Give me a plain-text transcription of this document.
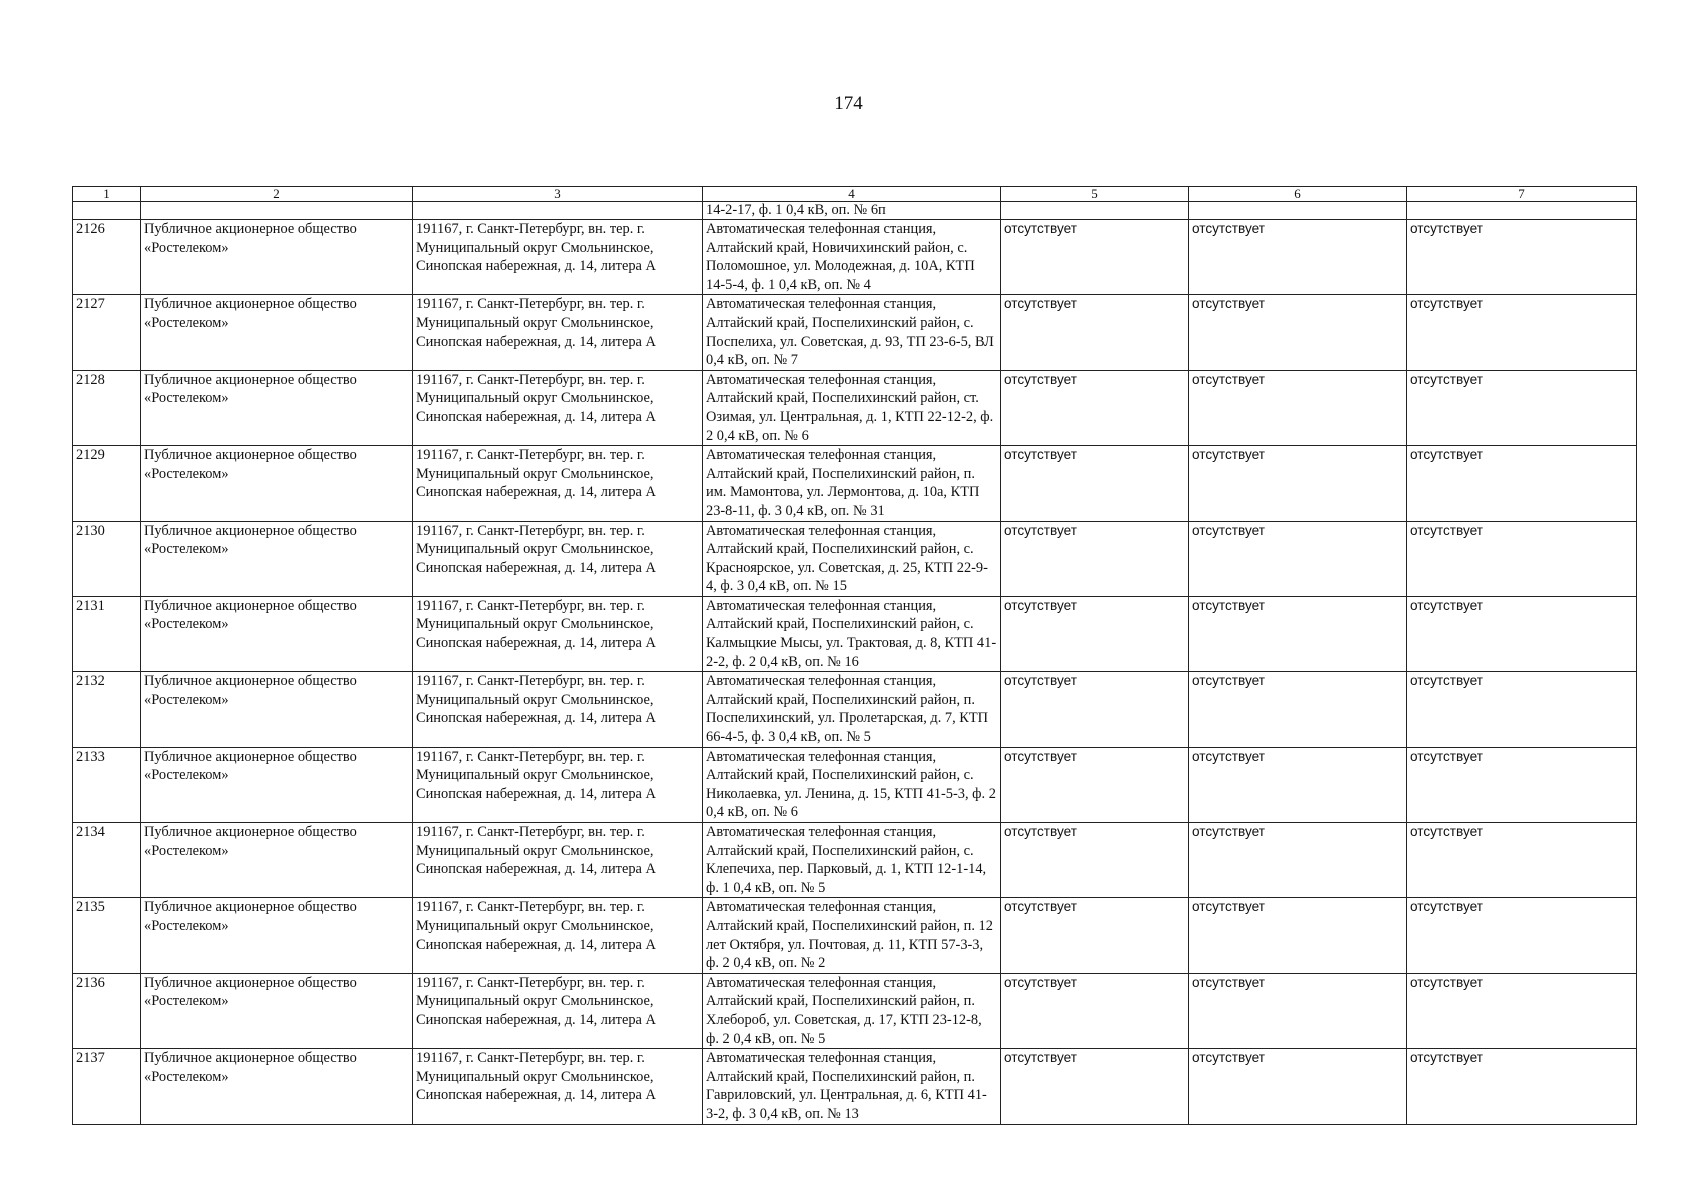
174
1	2	3	4	5	6	7
			14-2-17, ф. 1 0,4 кВ, оп. № 6п			
2126	Публичное акционерное общество «Ростелеком»	191167, г. Санкт-Петербург, вн. тер. г. Муниципальный округ Смольнинское, Синопская набережная, д. 14, литера А	Автоматическая телефонная станция, Алтайский край, Новичихинский район, с. Поломошное, ул. Молодежная, д. 10А, КТП 14-5-4, ф. 1 0,4 кВ, оп. № 4	отсутствует	отсутствует	отсутствует
2127	Публичное акционерное общество «Ростелеком»	191167, г. Санкт-Петербург, вн. тер. г. Муниципальный округ Смольнинское, Синопская набережная, д. 14, литера А	Автоматическая телефонная станция, Алтайский край, Поспелихинский район, с. Поспелиха, ул. Советская, д. 93, ТП 23-6-5, ВЛ 0,4 кВ, оп. № 7	отсутствует	отсутствует	отсутствует
2128	Публичное акционерное общество «Ростелеком»	191167, г. Санкт-Петербург, вн. тер. г. Муниципальный округ Смольнинское, Синопская набережная, д. 14, литера А	Автоматическая телефонная станция, Алтайский край, Поспелихинский район, ст. Озимая, ул. Центральная, д. 1, КТП 22-12-2, ф. 2 0,4 кВ, оп. № 6	отсутствует	отсутствует	отсутствует
2129	Публичное акционерное общество «Ростелеком»	191167, г. Санкт-Петербург, вн. тер. г. Муниципальный округ Смольнинское, Синопская набережная, д. 14, литера А	Автоматическая телефонная станция, Алтайский край, Поспелихинский район, п. им. Мамонтова, ул. Лермонтова, д. 10а, КТП 23-8-11, ф. 3 0,4 кВ, оп. № 31	отсутствует	отсутствует	отсутствует
2130	Публичное акционерное общество «Ростелеком»	191167, г. Санкт-Петербург, вн. тер. г. Муниципальный округ Смольнинское, Синопская набережная, д. 14, литера А	Автоматическая телефонная станция, Алтайский край, Поспелихинский район, с. Красноярское, ул. Советская, д. 25, КТП 22-9-4, ф. 3 0,4 кВ, оп. № 15	отсутствует	отсутствует	отсутствует
2131	Публичное акционерное общество «Ростелеком»	191167, г. Санкт-Петербург, вн. тер. г. Муниципальный округ Смольнинское, Синопская набережная, д. 14, литера А	Автоматическая телефонная станция, Алтайский край, Поспелихинский район, с. Калмыцкие Мысы, ул. Трактовая, д. 8, КТП 41-2-2, ф. 2 0,4 кВ, оп. № 16	отсутствует	отсутствует	отсутствует
2132	Публичное акционерное общество «Ростелеком»	191167, г. Санкт-Петербург, вн. тер. г. Муниципальный округ Смольнинское, Синопская набережная, д. 14, литера А	Автоматическая телефонная станция, Алтайский край, Поспелихинский район, п. Поспелихинский, ул. Пролетарская, д. 7, КТП 66-4-5, ф. 3 0,4 кВ, оп. № 5	отсутствует	отсутствует	отсутствует
2133	Публичное акционерное общество «Ростелеком»	191167, г. Санкт-Петербург, вн. тер. г. Муниципальный округ Смольнинское, Синопская набережная, д. 14, литера А	Автоматическая телефонная станция, Алтайский край, Поспелихинский район, с. Николаевка, ул. Ленина, д. 15, КТП 41-5-3, ф. 2 0,4 кВ, оп. № 6	отсутствует	отсутствует	отсутствует
2134	Публичное акционерное общество «Ростелеком»	191167, г. Санкт-Петербург, вн. тер. г. Муниципальный округ Смольнинское, Синопская набережная, д. 14, литера А	Автоматическая телефонная станция, Алтайский край, Поспелихинский район, с. Клепечиха, пер. Парковый, д. 1, КТП 12-1-14, ф. 1 0,4 кВ, оп. № 5	отсутствует	отсутствует	отсутствует
2135	Публичное акционерное общество «Ростелеком»	191167, г. Санкт-Петербург, вн. тер. г. Муниципальный округ Смольнинское, Синопская набережная, д. 14, литера А	Автоматическая телефонная станция, Алтайский край, Поспелихинский район, п. 12 лет Октября, ул. Почтовая, д. 11, КТП 57-3-3, ф. 2 0,4 кВ, оп. № 2	отсутствует	отсутствует	отсутствует
2136	Публичное акционерное общество «Ростелеком»	191167, г. Санкт-Петербург, вн. тер. г. Муниципальный округ Смольнинское, Синопская набережная, д. 14, литера А	Автоматическая телефонная станция, Алтайский край, Поспелихинский район, п. Хлебороб, ул. Советская, д. 17, КТП 23-12-8, ф. 2 0,4 кВ, оп. № 5	отсутствует	отсутствует	отсутствует
2137	Публичное акционерное общество «Ростелеком»	191167, г. Санкт-Петербург, вн. тер. г. Муниципальный округ Смольнинское, Синопская набережная, д. 14, литера А	Автоматическая телефонная станция, Алтайский край, Поспелихинский район, п. Гавриловский, ул. Центральная, д. 6, КТП 41-3-2, ф. 3 0,4 кВ, оп. № 13	отсутствует	отсутствует	отсутствует
